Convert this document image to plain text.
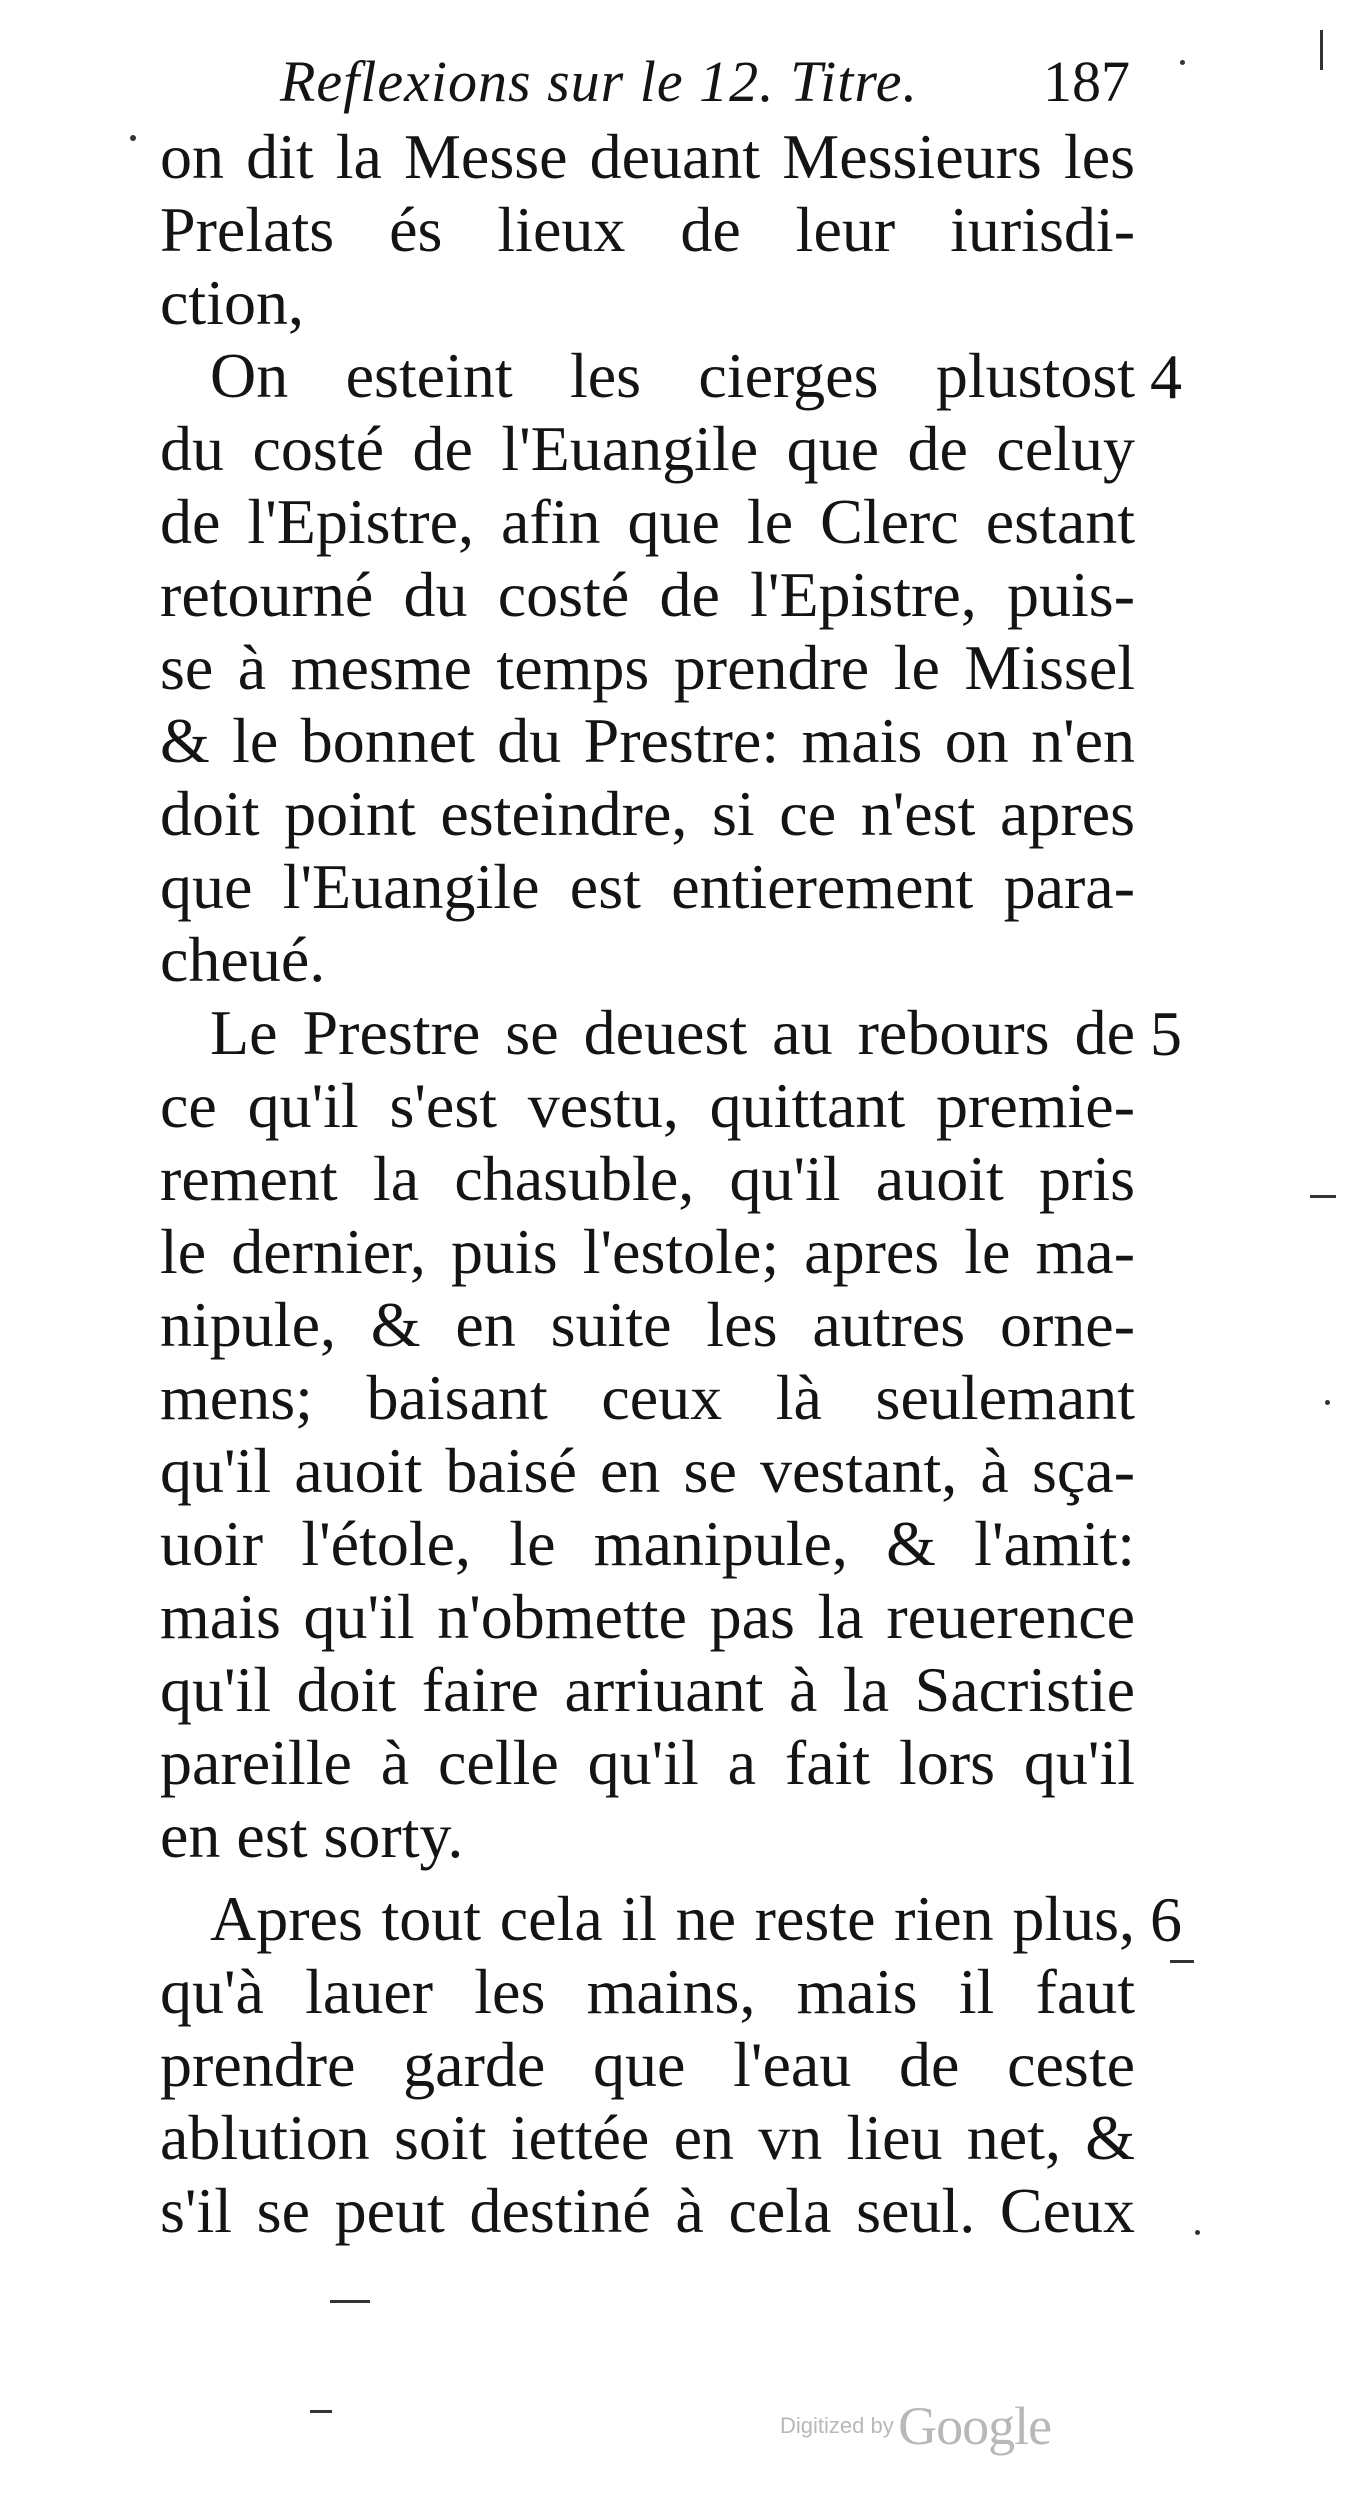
Reflexions sur le 12. Titre. 187
on dit la Messe deuant Messieurs les
Prelats és lieux de leur iurisdi-
ction,
On esteint les cierges plustost
du costé de l'Euangile que de celuy
de l'Epistre, afin que le Clerc estant
retourné du costé de l'Epistre, puis-
se à mesme temps prendre le Missel
& le bonnet du Prestre: mais on n'en
doit point esteindre, si ce n'est apres
que l'Euangile est entierement para-
cheué.
Le Prestre se deuest au rebours de
ce qu'il s'est vestu, quittant premie-
rement la chasuble, qu'il auoit pris
le dernier, puis l'estole; apres le ma-
nipule, & en suite les autres orne-
mens; baisant ceux là seulemant
qu'il auoit baisé en se vestant, à sça-
uoir l'étole, le manipule, & l'amit:
mais qu'il n'obmette pas la reuerence
qu'il doit faire arriuant à la Sacristie
pareille à celle qu'il a fait lors qu'il
en est sorty.
Apres tout cela il ne reste rien plus,
qu'à lauer les mains, mais il faut
prendre garde que l'eau de ceste
ablution soit iettée en vn lieu net, &
s'il se peut destiné à cela seul. Ceux
4
5
6
Digitized by Google
